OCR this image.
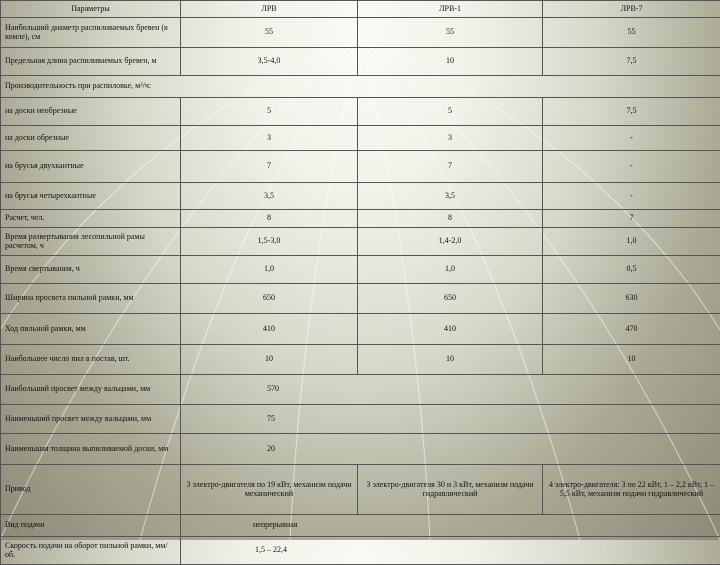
Параметры	ЛРВ	ЛРВ-1	ЛРВ-7
Наибольший диаметр распиливаемых бревен (в комле), см	55	55	55
Предельная длина распиливаемых бревен, м	3,5-4,0	10	7,5
Производительность при распиловке, м³/ч:			
на доски необрезные	5	5	7,5
на доски обрезные	3	3	-
на брусья двухкантные	7	7	-
на брусья четырехкантные	3,5	3,5	-
Расчет, чел.	8	8	7
Время развертывания лесопильной рамы расчетом, ч	1,5-3,0	1,4-2,0	1,0
Время свертывания, ч	1,0	1,0	0,5
Ширина просвета пильной рамки, мм	650	650	630
Ход пильной рамки, мм	410	410	470
Наибольшее число пил в постав, шт.	10	10	10
Наибольший просвет между вальцами, мм	570		
Наименьший просвет между вальцами, мм	75		
Наименьшая толщина выпиливаемой доски, мм	20		
Привод	3 электро-двигателя по 19 кВт, механизм подачи механический	3 электро-двигателя 30 и 3 кВт, механизм подачи гидравлический	4 электро-двигателя: 3 по 22 кВт, 1 – 2,2 кВт, 1 – 5,5 кВт, механизм подачи гидравлический
Вид подачи	непрерывная		
Скорость подачи на оборот пильной рамки, мм/об.	1,5 – 22,4		
